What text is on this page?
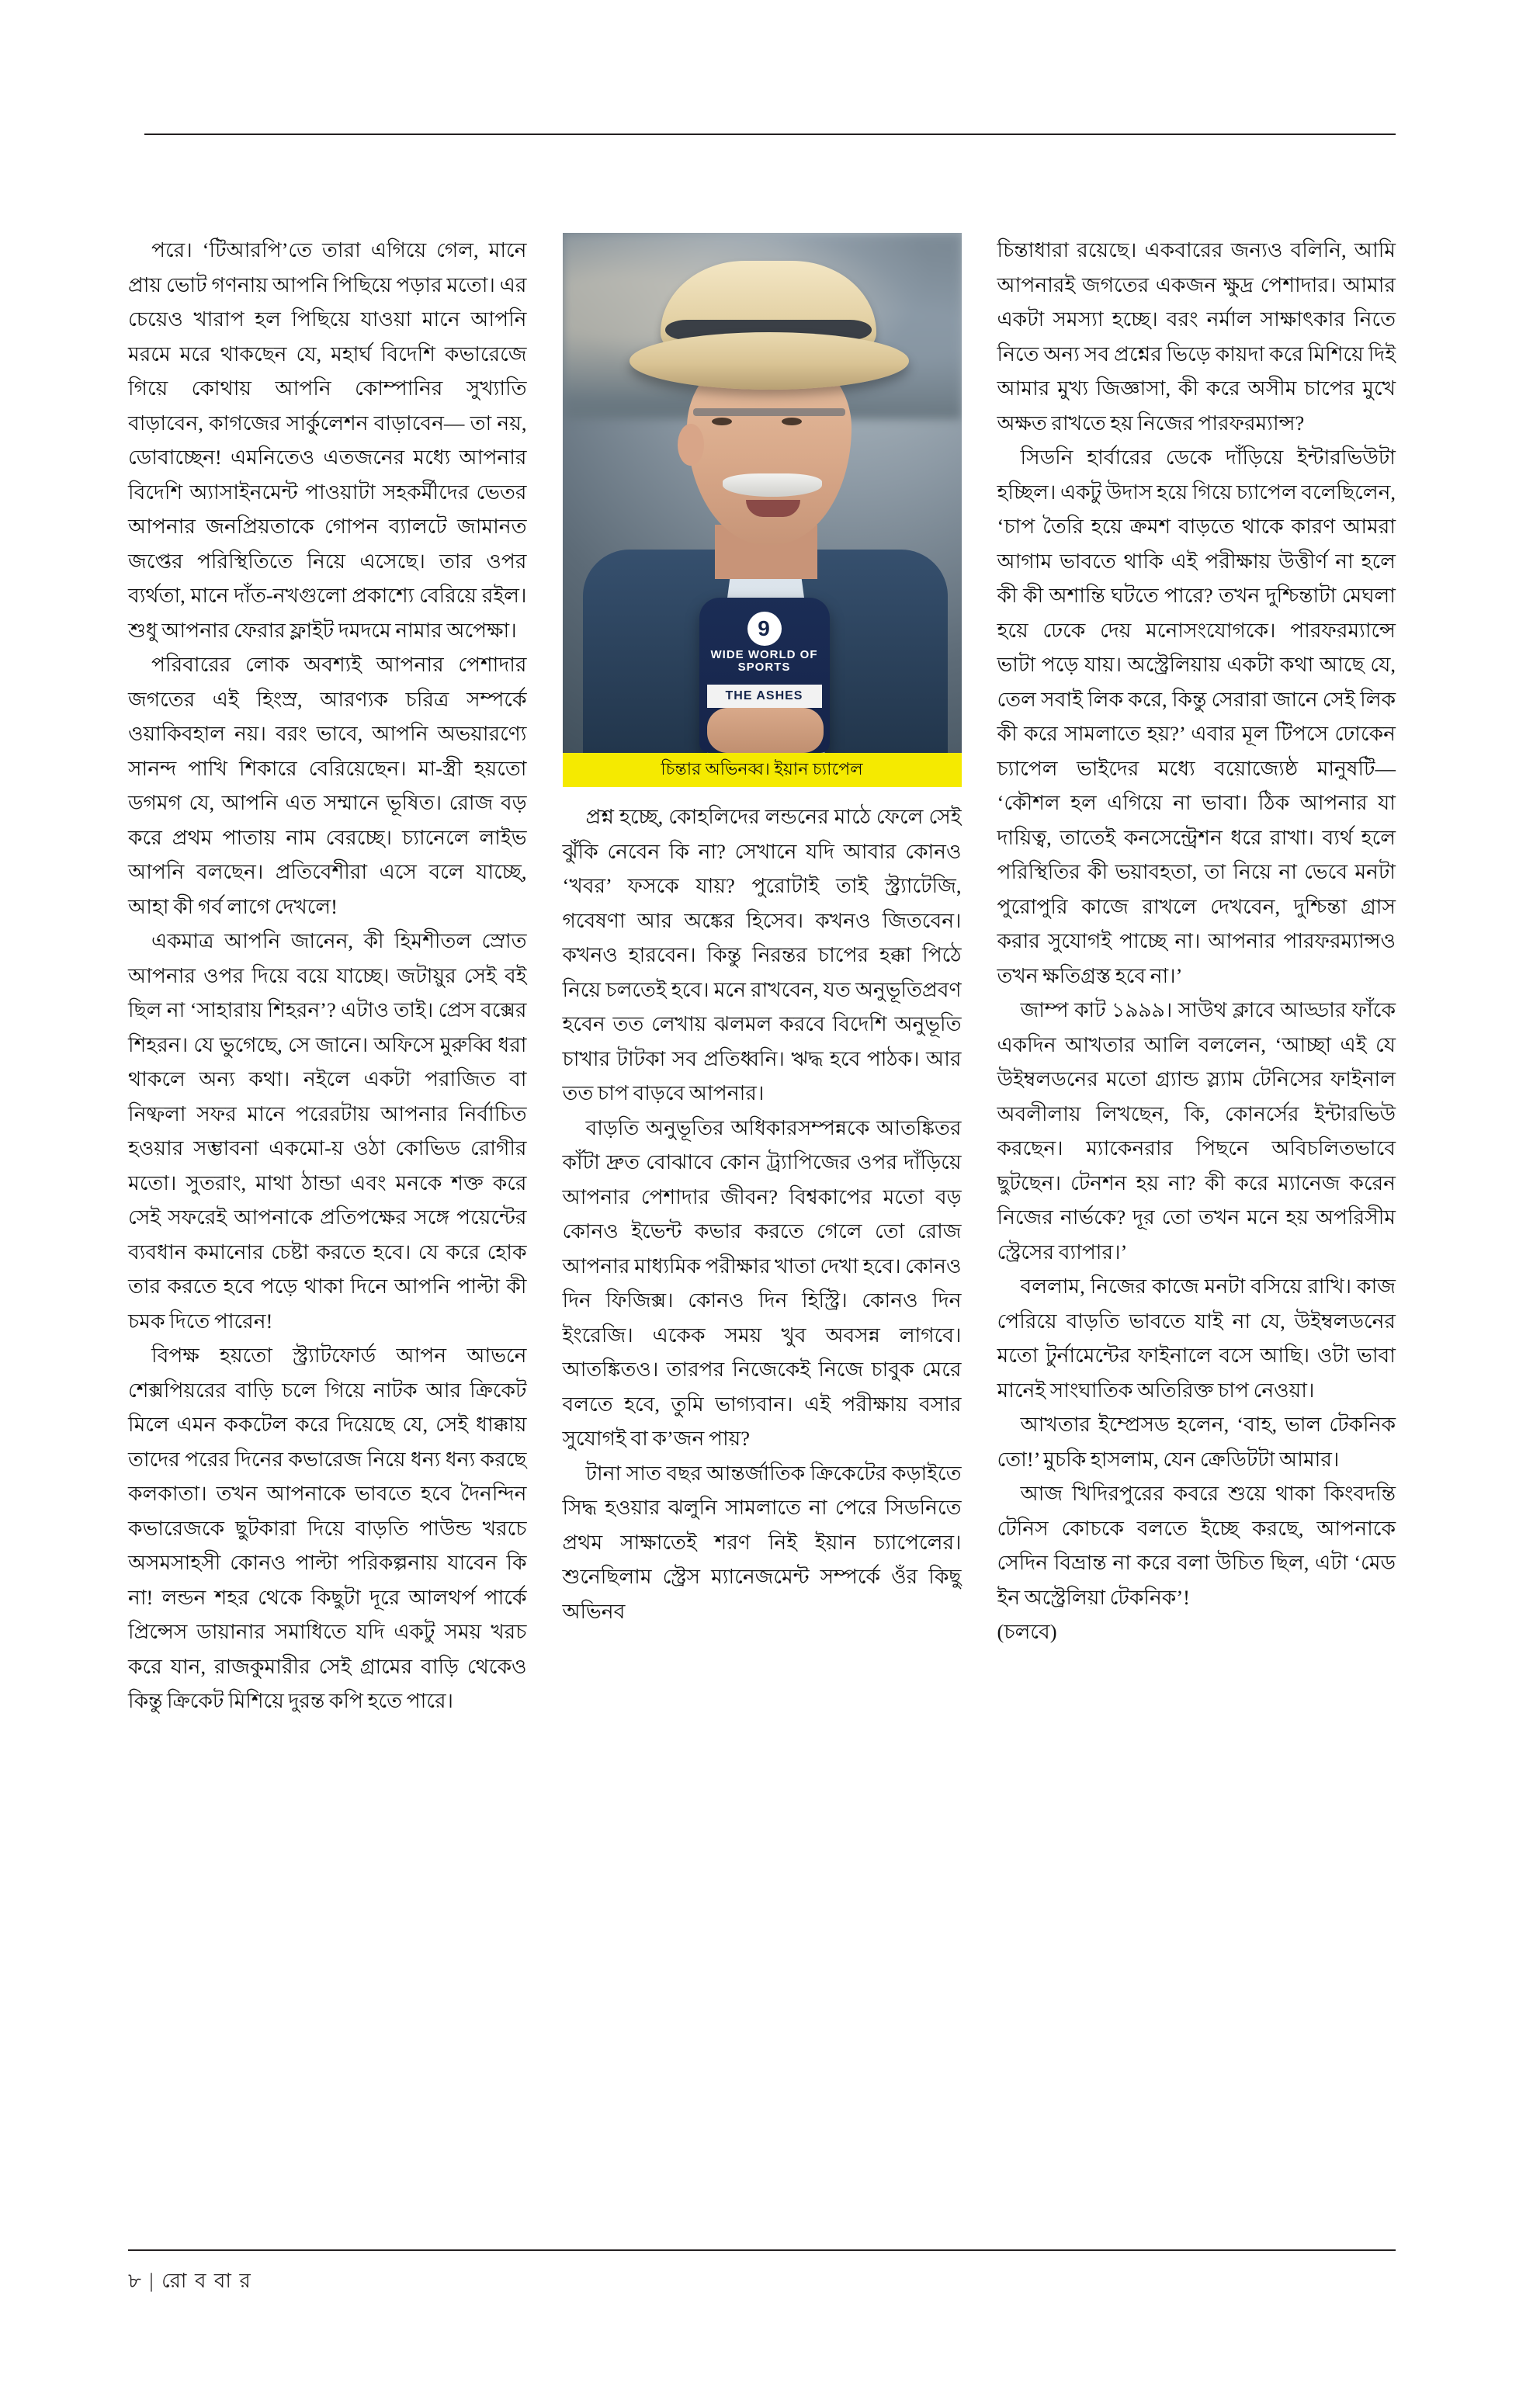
পরে। ‘টিআরপি’তে তারা এগিয়ে গেল, মানে প্রায় ভোট গণনায় আপনি পিছিয়ে পড়ার মতো। এর চেয়েও খারাপ হল পিছিয়ে যাওয়া মানে আপনি মরমে মরে থাকছেন যে, মহার্ঘ বিদেশি কভারেজে গিয়ে কোথায় আপনি কোম্পানির সুখ্যাতি বাড়াবেন, কাগজের সার্কুলেশন বাড়াবেন— তা নয়, ডোবাচ্ছেন! এমনিতেও এতজনের মধ্যে আপনার বিদেশি অ্যাসাইনমেন্ট পাওয়াটা সহকর্মীদের ভেতর আপনার জনপ্রিয়তাকে গোপন ব্যালটে জামানত জপ্তের পরিস্থিতিতে নিয়ে এসেছে। তার ওপর ব্যর্থতা, মানে দাঁত-নখগুলো প্রকাশ্যে বেরিয়ে রইল। শুধু আপনার ফেরার ফ্লাইট দমদমে নামার অপেক্ষা।

পরিবারের লোক অবশ্যই আপনার পেশাদার জগতের এই হিংস্র, আরণ্যক চরিত্র সম্পর্কে ওয়াকিবহাল নয়। বরং ভাবে, আপনি অভয়ারণ্যে সানন্দ পাখি শিকারে বেরিয়েছেন। মা-স্ত্রী হয়তো ডগমগ যে, আপনি এত সম্মানে ভূষিত। রোজ বড় করে প্রথম পাতায় নাম বেরচ্ছে। চ্যানেলে লাইভ আপনি বলছেন। প্রতিবেশীরা এসে বলে যাচ্ছে, আহা কী গর্ব লাগে দেখলে!

একমাত্র আপনি জানেন, কী হিমশীতল স্রোত আপনার ওপর দিয়ে বয়ে যাচ্ছে। জটায়ুর সেই বই ছিল না ‘সাহারায় শিহরন’? এটাও তাই। প্রেস বক্সের শিহরন। যে ভুগেছে, সে জানে। অফিসে মুরুব্বি ধরা থাকলে অন্য কথা। নইলে একটা পরাজিত বা নিষ্ফলা সফর মানে পরেরটায় আপনার নির্বাচিত হওয়ার সম্ভাবনা একমো-য় ওঠা কোভিড রোগীর মতো। সুতরাং, মাথা ঠান্ডা এবং মনকে শক্ত করে সেই সফরেই আপনাকে প্রতিপক্ষের সঙ্গে পয়েন্টের ব্যবধান কমানোর চেষ্টা করতে হবে। যে করে হোক তার করতে হবে পড়ে থাকা দিনে আপনি পাল্টা কী চমক দিতে পারেন!

বিপক্ষ হয়তো স্ট্র্যাটফোর্ড আপন আভনে শেক্সপিয়রের বাড়ি চলে গিয়ে নাটক আর ক্রিকেট মিলে এমন ককটেল করে দিয়েছে যে, সেই ধাক্কায় তাদের পরের দিনের কভারেজ নিয়ে ধন্য ধন্য করছে কলকাতা। তখন আপনাকে ভাবতে হবে দৈনন্দিন কভারেজকে ছুটকারা দিয়ে বাড়তি পাউন্ড খরচে অসমসাহসী কোনও পাল্টা পরিকল্পনায় যাবেন কি না! লন্ডন শহর থেকে কিছুটা দূরে আলথর্প পার্কে প্রিন্সেস ডায়ানার সমাধিতে যদি একটু সময় খরচ করে যান, রাজকুমারীর সেই গ্রামের বাড়ি থেকেও কিন্তু ক্রিকেট মিশিয়ে দুরন্ত কপি হতে পারে।

9
WIDE WORLD OF
SPORTS
THE ASHES
চিন্তার অভিনব্ব। ইয়ান চ্যাপেল

প্রশ্ন হচ্ছে, কোহলিদের লন্ডনের মাঠে ফেলে সেই ঝুঁকি নেবেন কি না? সেখানে যদি আবার কোনও ‘খবর’ ফসকে যায়? পুরোটাই তাই স্ট্র্যাটেজি, গবেষণা আর অঙ্কের হিসেব। কখনও জিতবেন। কখনও হারবেন। কিন্তু নিরন্তর চাপের হক্কা পিঠে নিয়ে চলতেই হবে। মনে রাখবেন, যত অনুভূতিপ্রবণ হবেন তত লেখায় ঝলমল করবে বিদেশি অনুভূতি চাখার টাটকা সব প্রতিধ্বনি। ঋদ্ধ হবে পাঠক। আর তত চাপ বাড়বে আপনার।

বাড়তি অনুভূতির অধিকারসম্পন্নকে আতঙ্কিতর কাঁটা দ্রুত বোঝাবে কোন ট্র্যাপিজের ওপর দাঁড়িয়ে আপনার পেশাদার জীবন? বিশ্বকাপের মতো বড় কোনও ইভেন্ট কভার করতে গেলে তো রোজ আপনার মাধ্যমিক পরীক্ষার খাতা দেখা হবে। কোনও দিন ফিজিক্স। কোনও দিন হিস্ট্রি। কোনও দিন ইংরেজি। একেক সময় খুব অবসন্ন লাগবে। আতঙ্কিতও। তারপর নিজেকেই নিজে চাবুক মেরে বলতে হবে, তুমি ভাগ্যবান। এই পরীক্ষায় বসার সুযোগই বা ক’জন পায়?

টানা সাত বছর আন্তর্জাতিক ক্রিকেটের কড়াইতে সিদ্ধ হওয়ার ঝলুনি সামলাতে না পেরে সিডনিতে প্রথম সাক্ষাতেই শরণ নিই ইয়ান চ্যাপেলের। শুনেছিলাম স্ট্রেস ম্যানেজমেন্ট সম্পর্কে ওঁর কিছু অভিনব

চিন্তাধারা রয়েছে। একবারের জন্যও বলিনি, আমি আপনারই জগতের একজন ক্ষুদ্র পেশাদার। আমার একটা সমস্যা হচ্ছে। বরং নর্মাল সাক্ষাৎকার নিতে নিতে অন্য সব প্রশ্নের ভিড়ে কায়দা করে মিশিয়ে দিই আমার মুখ্য জিজ্ঞাসা, কী করে অসীম চাপের মুখে অক্ষত রাখতে হয় নিজের পারফরম্যান্স?

সিডনি হার্বারের ডেকে দাঁড়িয়ে ইন্টারভিউটা হচ্ছিল। একটু উদাস হয়ে গিয়ে চ্যাপেল বলেছিলেন, ‘চাপ তৈরি হয়ে ক্রমশ বাড়তে থাকে কারণ আমরা আগাম ভাবতে থাকি এই পরীক্ষায় উত্তীর্ণ না হলে কী কী অশান্তি ঘটতে পারে? তখন দুশ্চিন্তাটা মেঘলা হয়ে ঢেকে দেয় মনোসংযোগকে। পারফরম্যান্সে ভাটা পড়ে যায়। অস্ট্রেলিয়ায় একটা কথা আছে যে, তেল সবাই লিক করে, কিন্তু সেরারা জানে সেই লিক কী করে সামলাতে হয়?’ এবার মূল টিপসে ঢোকেন চ্যাপেল ভাইদের মধ্যে বয়োজ্যেষ্ঠ মানুষটি— ‘কৌশল হল এগিয়ে না ভাবা। ঠিক আপনার যা দায়িত্ব, তাতেই কনসেন্ট্রেশন ধরে রাখা। ব্যর্থ হলে পরিস্থিতির কী ভয়াবহতা, তা নিয়ে না ভেবে মনটা পুরোপুরি কাজে রাখলে দেখবেন, দুশ্চিন্তা গ্রাস করার সুযোগই পাচ্ছে না। আপনার পারফরম্যান্সও তখন ক্ষতিগ্রস্ত হবে না।’

জাম্প কাট ১৯৯৯। সাউথ ক্লাবে আড্ডার ফাঁকে একদিন আখতার আলি বললেন, ‘আচ্ছা এই যে উইম্বলডনের মতো গ্র্যান্ড স্ল্যাম টেনিসের ফাইনাল অবলীলায় লিখছেন, কি, কোনর্সের ইন্টারভিউ করছেন। ম্যাকেনরার পিছনে অবিচলিতভাবে ছুটছেন। টেনশন হয় না? কী করে ম্যানেজ করেন নিজের নার্ভকে? দূর তো তখন মনে হয় অপরিসীম স্ট্রেসের ব্যাপার।’

বললাম, নিজের কাজে মনটা বসিয়ে রাখি। কাজ পেরিয়ে বাড়তি ভাবতে যাই না যে, উইম্বলডনের মতো টুর্নামেন্টের ফাইনালে বসে আছি। ওটা ভাবা মানেই সাংঘাতিক অতিরিক্ত চাপ নেওয়া।

আখতার ইম্প্রেসড হলেন, ‘বাহ, ভাল টেকনিক তো!’ মুচকি হাসলাম, যেন ক্রেডিটটা আমার।

আজ খিদিরপুরের কবরে শুয়ে থাকা কিংবদন্তি টেনিস কোচকে বলতে ইচ্ছে করছে, আপনাকে সেদিন বিভ্রান্ত না করে বলা উচিত ছিল, এটা ‘মেড ইন অস্ট্রেলিয়া টেকনিক’!

(চলবে)

৮ | রো ব বা র
